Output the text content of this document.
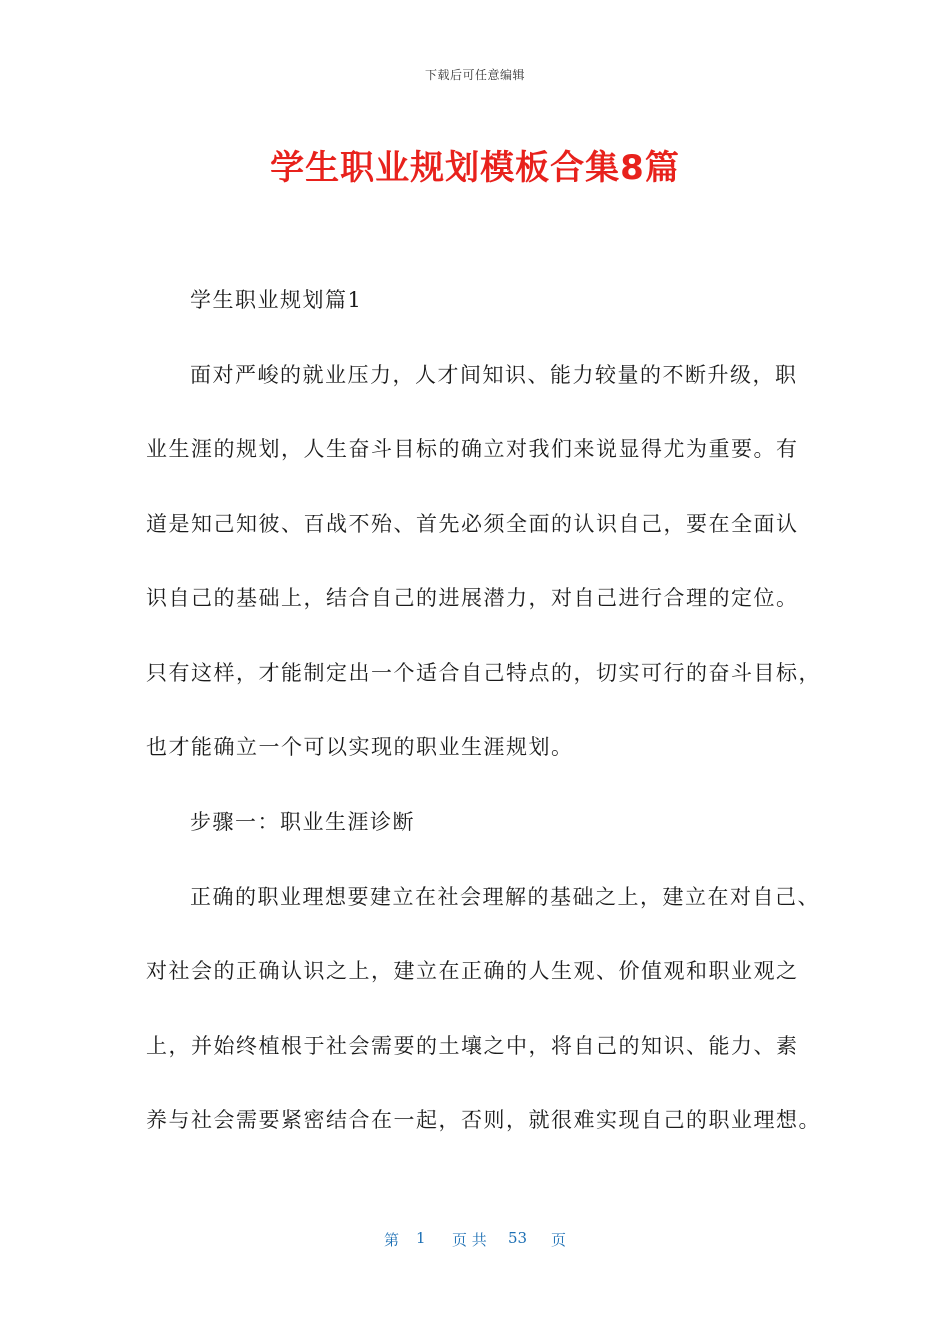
下载后可任意编辑
学生职业规划模板合集8篇
学生职业规划篇1
面对严峻的就业压力，人才间知识、能力较量的不断升级，职
业生涯的规划，人生奋斗目标的确立对我们来说显得尤为重要。有
道是知己知彼、百战不殆、首先必须全面的认识自己，要在全面认
识自己的基础上，结合自己的进展潜力，对自己进行合理的定位。
只有这样，才能制定出一个适合自己特点的，切实可行的奋斗目标，
也才能确立一个可以实现的职业生涯规划。
步骤一：职业生涯诊断
正确的职业理想要建立在社会理解的基础之上，建立在对自己、
对社会的正确认识之上，建立在正确的人生观、价值观和职业观之
上，并始终植根于社会需要的土壤之中，将自己的知识、能力、素
养与社会需要紧密结合在一起，否则，就很难实现自己的职业理想。
第 1 页 共 53 页
